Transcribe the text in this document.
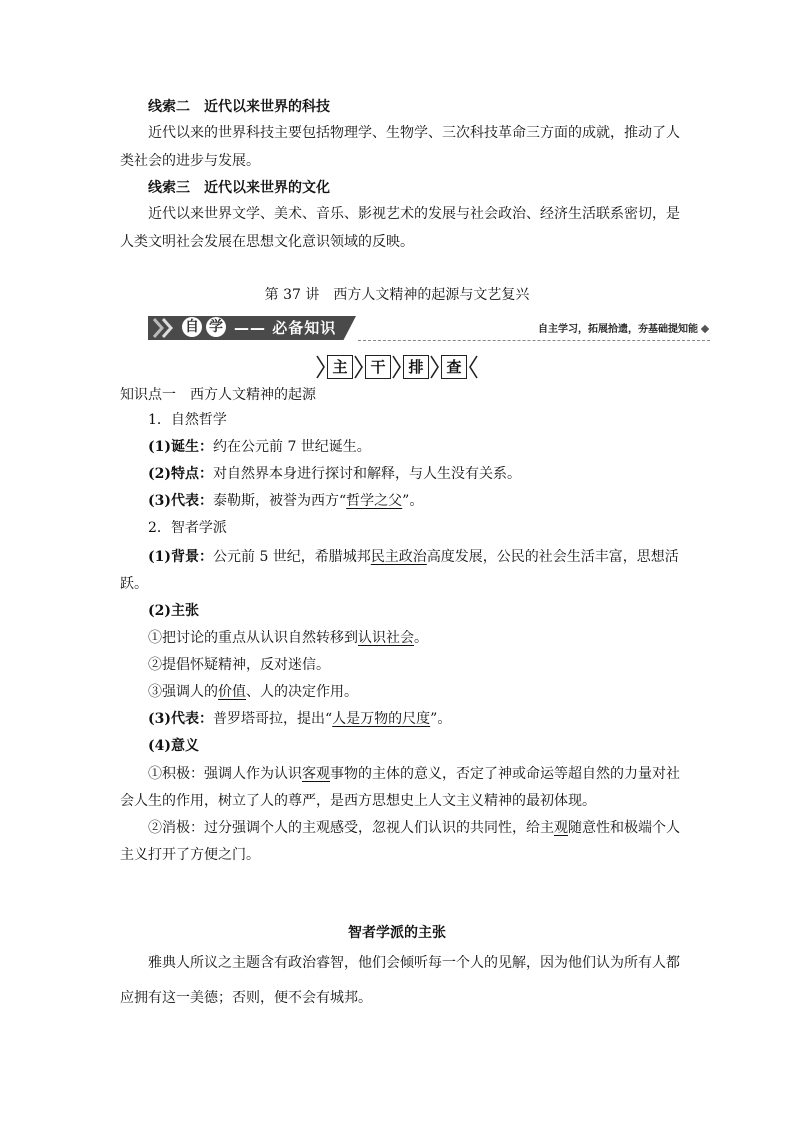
线索二　近代以来世界的科技
近代以来的世界科技主要包括物理学、生物学、三次科技革命三方面的成就，推动了人
类社会的进步与发展。
线索三　近代以来世界的文化
近代以来世界文学、美术、音乐、影视艺术的发展与社会政治、经济生活联系密切，是
人类文明社会发展在思想文化意识领域的反映。
第 37 讲　西方人文精神的起源与文艺复兴
自 学 —— 必备知识	自主学习，拓展拾遗，夯基础提知能
主	干	排	查
知识点一　西方人文精神的起源
1．自然哲学
(1)诞生：约在公元前 7 世纪诞生。
(2)特点：对自然界本身进行探讨和解释，与人生没有关系。
(3)代表：泰勒斯，被誉为西方“哲学之父”。
2．智者学派
(1)背景：公元前 5 世纪，希腊城邦民主政治高度发展，公民的社会生活丰富，思想活
跃。
(2)主张
①把讨论的重点从认识自然转移到认识社会。
②提倡怀疑精神，反对迷信。
③强调人的价值、人的决定作用。
(3)代表：普罗塔哥拉，提出“人是万物的尺度”。
(4)意义
①积极：强调人作为认识客观事物的主体的意义，否定了神或命运等超自然的力量对社
会人生的作用，树立了人的尊严，是西方思想史上人文主义精神的最初体现。
②消极：过分强调个人的主观感受，忽视人们认识的共同性，给主观随意性和极端个人
主义打开了方便之门。
智者学派的主张
雅典人所议之主题含有政治睿智，他们会倾听每一个人的见解，因为他们认为所有人都
应拥有这一美德；否则，便不会有城邦。
